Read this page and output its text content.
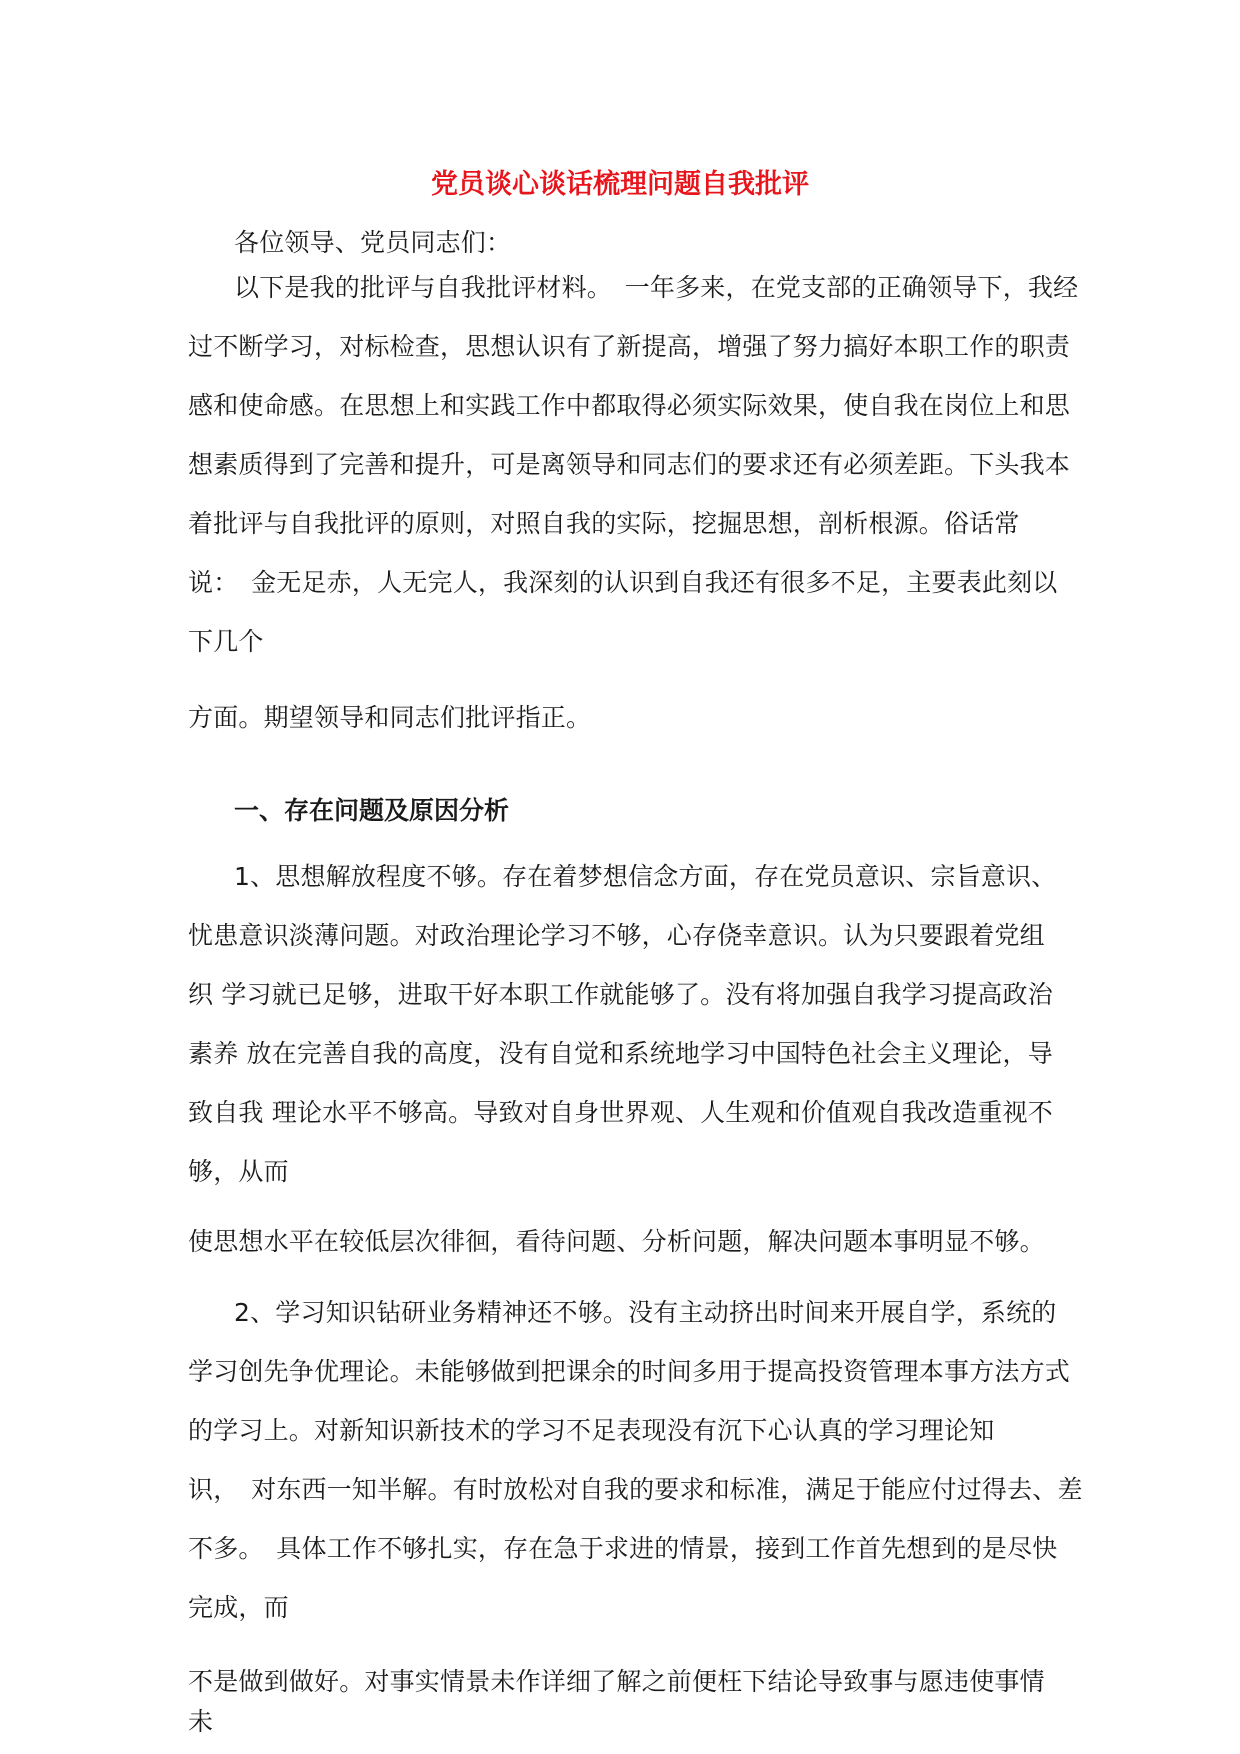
党员谈心谈话梳理问题自我批评

各位领导、党员同志们：

以下是我的批评与自我批评材料。　一年多来，在党支部的正确领导下，我经
过不断学习，对标检查，思想认识有了新提高，增强了努力搞好本职工作的职责
感和使命感。在思想上和实践工作中都取得必须实际效果，使自我在岗位上和思
想素质得到了完善和提升，可是离领导和同志们的要求还有必须差距。下头我本
着批评与自我批评的原则，对照自我的实际，挖掘思想，剖析根源。俗话常
说：　金无足赤，人无完人，我深刻的认识到自我还有很多不足，主要表此刻以
下几个

方面。期望领导和同志们批评指正。

一、存在问题及原因分析

1、思想解放程度不够。存在着梦想信念方面，存在党员意识、宗旨意识、
忧患意识淡薄问题。对政治理论学习不够，心存侥幸意识。认为只要跟着党组
织 学习就已足够，进取干好本职工作就能够了。没有将加强自我学习提高政治
素养 放在完善自我的高度，没有自觉和系统地学习中国特色社会主义理论，导
致自我 理论水平不够高。导致对自身世界观、人生观和价值观自我改造重视不
够，从而

使思想水平在较低层次徘徊，看待问题、分析问题，解决问题本事明显不够。

2、学习知识钻研业务精神还不够。没有主动挤出时间来开展自学，系统的
学习创先争优理论。未能够做到把课余的时间多用于提高投资管理本事方法方式
的学习上。对新知识新技术的学习不足表现没有沉下心认真的学习理论知
识，　对东西一知半解。有时放松对自我的要求和标准，满足于能应付过得去、差
不多。　具体工作不够扎实，存在急于求进的情景，接到工作首先想到的是尽快
完成，而

不是做到做好。对事实情景未作详细了解之前便枉下结论导致事与愿违使事情未
